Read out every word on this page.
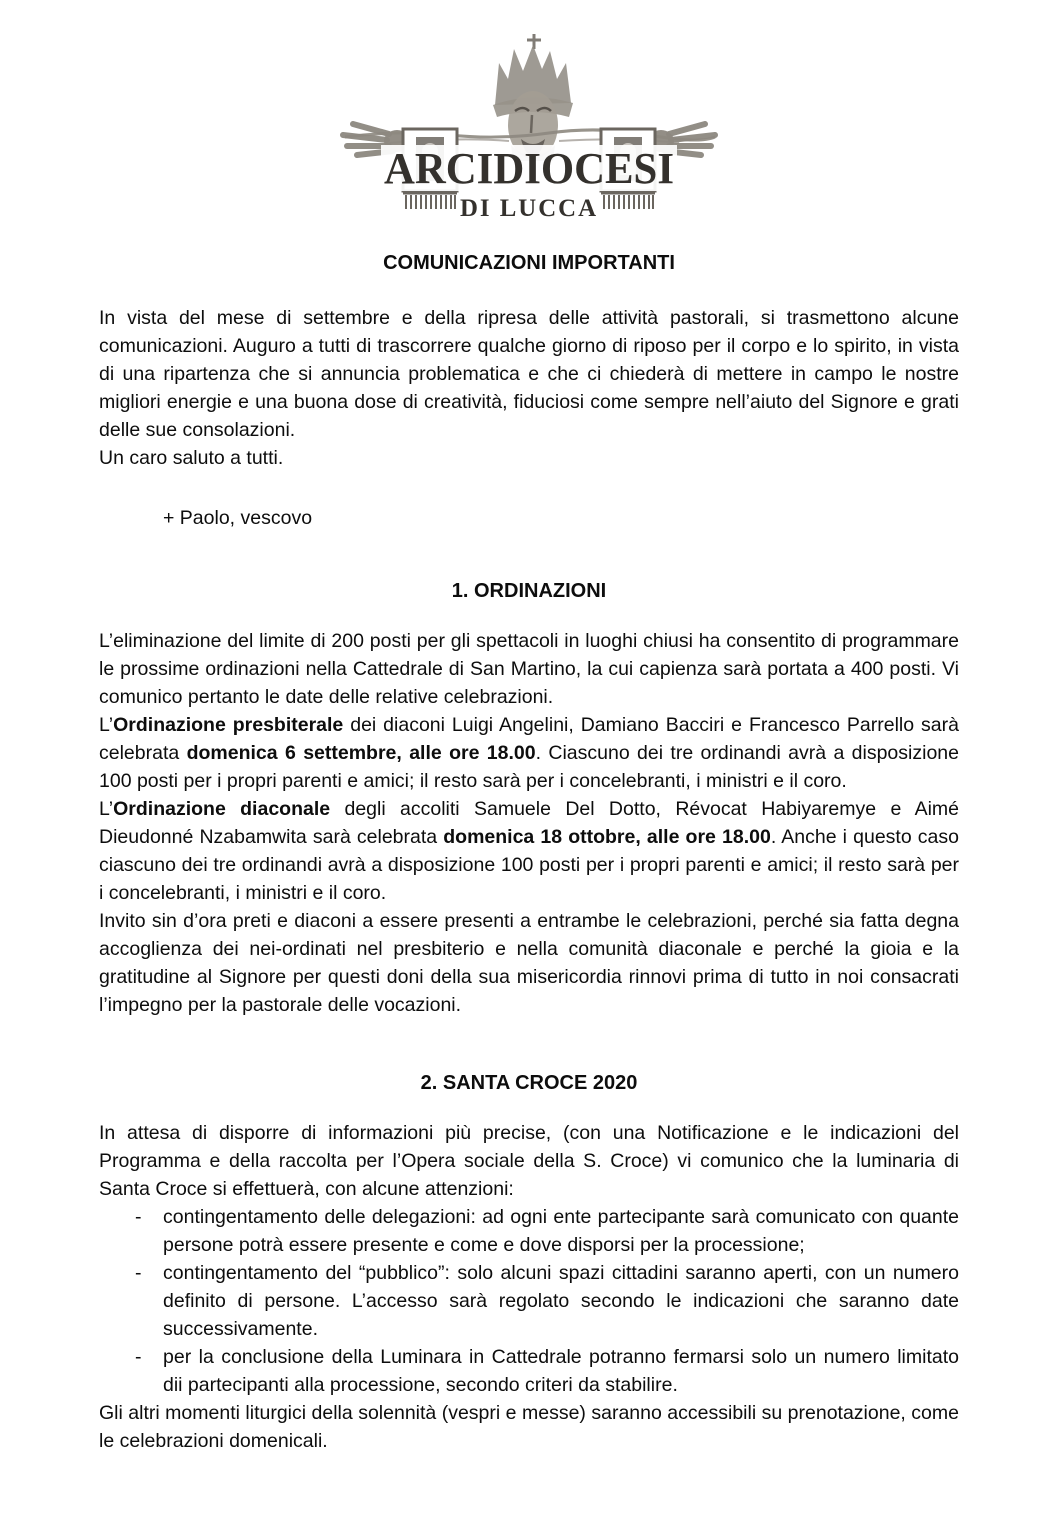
ARCIDIOCESI
DI LUCCA
COMUNICAZIONI IMPORTANTI

In vista del mese di settembre e della ripresa delle attività pastorali, si trasmettono alcune comunicazioni. Auguro a tutti di trascorrere qualche giorno di riposo per il corpo e lo spirito, in vista di una ripartenza che si annuncia problematica e che ci chiederà di mettere in campo le nostre migliori energie e una buona dose di creatività, fiduciosi come sempre nell’aiuto del Signore e grati delle sue consolazioni.

Un caro saluto a tutti.

+ Paolo, vescovo
1. ORDINAZIONI

L’eliminazione del limite di 200 posti per gli spettacoli in luoghi chiusi ha consentito di programmare le prossime ordinazioni nella Cattedrale di San Martino, la cui capienza sarà portata a 400 posti. Vi comunico pertanto le date delle relative celebrazioni.

L’Ordinazione presbiterale dei diaconi Luigi Angelini, Damiano Bacciri e Francesco Parrello sarà celebrata domenica 6 settembre, alle ore 18.00. Ciascuno dei tre ordinandi avrà a disposizione 100 posti per i propri parenti e amici; il resto sarà per i concelebranti, i ministri e il coro.

L’Ordinazione diaconale degli accoliti Samuele Del Dotto, Révocat Habiyaremye e Aimé Dieudonné Nzabamwita sarà celebrata domenica 18 ottobre, alle ore 18.00. Anche i questo caso ciascuno dei tre ordinandi avrà a disposizione 100 posti per i propri parenti e amici; il resto sarà per i concelebranti, i ministri e il coro.

Invito sin d’ora preti e diaconi a essere presenti a entrambe le celebrazioni, perché sia fatta degna accoglienza dei nei-ordinati nel presbiterio e nella comunità diaconale e perché la gioia e la gratitudine al Signore per questi doni della sua misericordia rinnovi prima di tutto in noi consacrati l’impegno per la pastorale delle vocazioni.

2. SANTA CROCE 2020

In attesa di disporre di informazioni più precise, (con una Notificazione e le indicazioni del Programma e della raccolta per l’Opera sociale della S. Croce) vi comunico che la luminaria di Santa Croce si effettuerà, con alcune attenzioni:

-	contingentamento delle delegazioni: ad ogni ente partecipante sarà comunicato con quante persone potrà essere presente e come e dove disporsi per la processione;
-	contingentamento del “pubblico”: solo alcuni spazi cittadini saranno aperti, con un numero definito di persone. L’accesso sarà regolato secondo le indicazioni che saranno date successivamente.
-	per la conclusione della Luminara in Cattedrale potranno fermarsi solo un numero limitato dii partecipanti alla processione, secondo criteri da stabilire.

Gli altri momenti liturgici della solennità (vespri e messe) saranno accessibili su prenotazione, come le celebrazioni domenicali.
